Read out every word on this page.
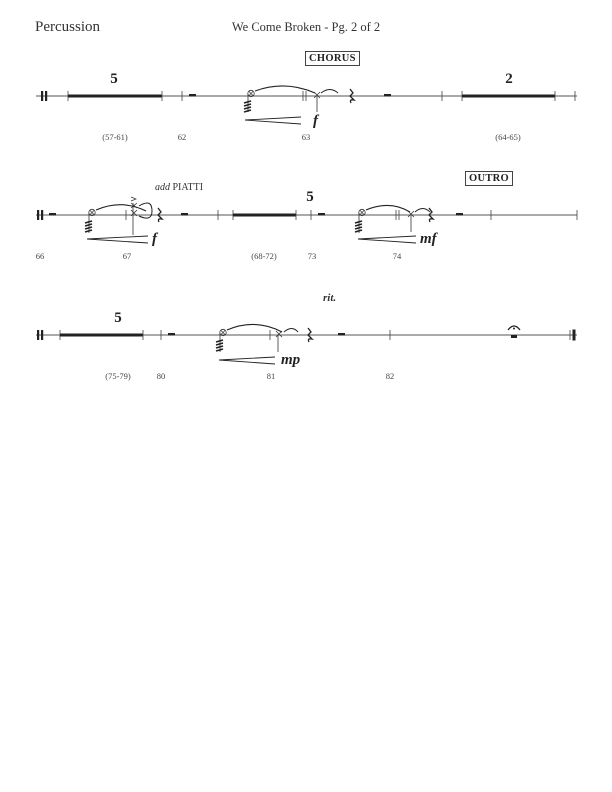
Percussion	We Come Broken - Pg. 2 of 2
CHORUS
5	2
f
(57-61)	62	63	(64-65)
OUTRO
add PIATTI
5
f	mf
66	67	(68-72)	73	74
rit.
5
mp
(75-79)	80	81	82
